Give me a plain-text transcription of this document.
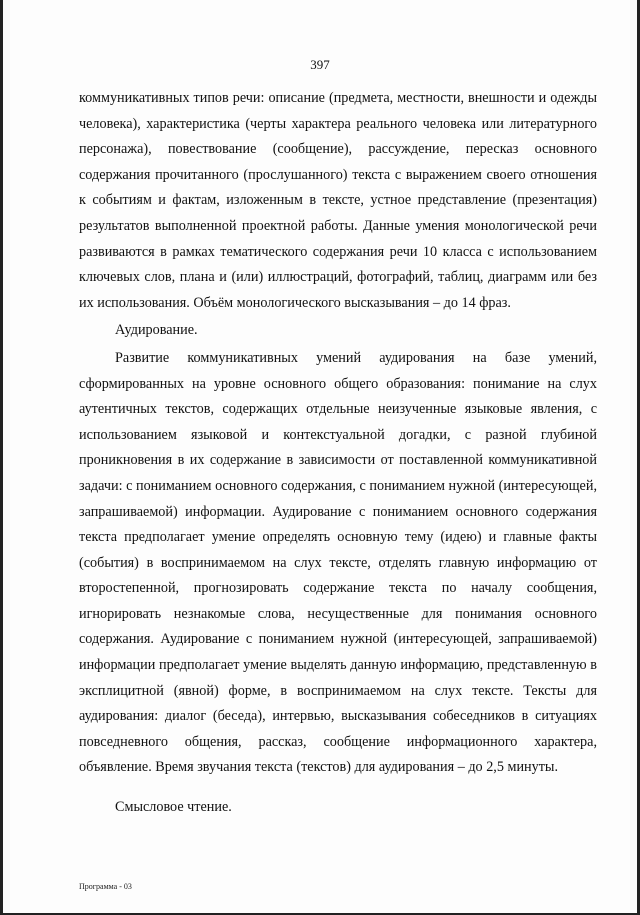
397

коммуникативных типов речи: описание (предмета, местности, внешности и одежды человека), характеристика (черты характера реального человека или литературного персонажа), повествование (сообщение), рассуждение, пересказ основного содержания прочитанного (прослушанного) текста с выражением своего отношения к событиям и фактам, изложенным в тексте, устное представление (презентация) результатов выполненной проектной работы. Данные умения монологической речи развиваются в рамках тематического содержания речи 10 класса с использованием ключевых слов, плана и (или) иллюстраций, фотографий, таблиц, диаграмм или без их использования. Объём монологического высказывания – до 14 фраз.

Аудирование.

Развитие коммуникативных умений аудирования на базе умений, сформированных на уровне основного общего образования: понимание на слух аутентичных текстов, содержащих отдельные неизученные языковые явления, с использованием языковой и контекстуальной догадки, с разной глубиной проникновения в их содержание в зависимости от поставленной коммуникативной задачи: с пониманием основного содержания, с пониманием нужной (интересующей, запрашиваемой) информации. Аудирование с пониманием основного содержания текста предполагает умение определять основную тему (идею) и главные факты (события) в воспринимаемом на слух тексте, отделять главную информацию от второстепенной, прогнозировать содержание текста по началу сообщения, игнорировать незнакомые слова, несущественные для понимания основного содержания. Аудирование с пониманием нужной (интересующей, запрашиваемой) информации предполагает умение выделять данную информацию, представленную в эксплицитной (явной) форме, в воспринимаемом на слух тексте. Тексты для аудирования: диалог (беседа), интервью, высказывания собеседников в ситуациях повседневного общения, рассказ, сообщение информационного характера, объявление. Время звучания текста (текстов) для аудирования – до 2,5 минуты.

Смысловое чтение.

Программа - 03
